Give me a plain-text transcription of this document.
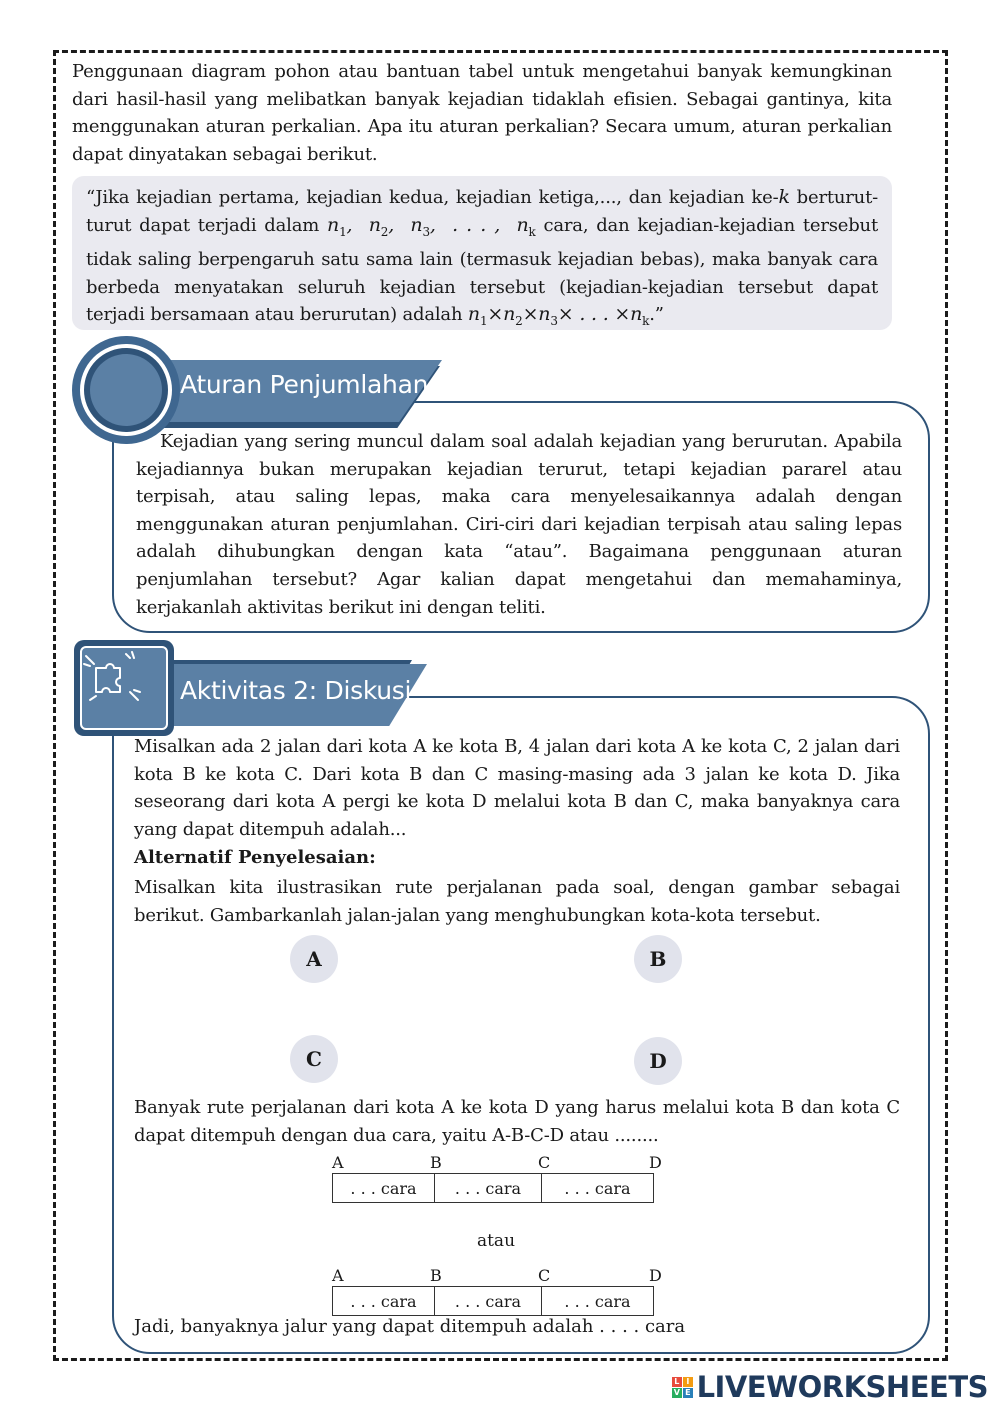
Penggunaan diagram pohon atau bantuan tabel untuk mengetahui banyak kemungkinan dari hasil-hasil yang melibatkan banyak kejadian tidaklah efisien. Sebagai gantinya, kita menggunakan aturan perkalian. Apa itu aturan perkalian? Secara umum, aturan perkalian dapat dinyatakan sebagai berikut.

“Jika kejadian pertama, kejadian kedua, kejadian ketiga,..., dan kejadian ke-k berturut-turut dapat terjadi dalam $n_1$,  $n_2$,  $n_3$,  . . . ,  $n_k$ cara, dan kejadian-kejadian tersebut tidak saling berpengaruh satu sama lain (termasuk kejadian bebas), maka banyak cara berbeda menyatakan seluruh kejadian tersebut (kejadian-kejadian tersebut dapat terjadi bersamaan atau berurutan) adalah $n_1\times n_2\times n_3\times$ . . . $\times n_k$.”

Aturan Penjumlahan

Kejadian yang sering muncul dalam soal adalah kejadian yang berurutan. Apabila kejadiannya bukan merupakan kejadian terurut, tetapi kejadian pararel atau terpisah, atau saling lepas, maka cara menyelesaikannya adalah dengan menggunakan aturan penjumlahan. Ciri-ciri dari kejadian terpisah atau saling lepas adalah dihubungkan dengan kata “atau”. Bagaimana penggunaan aturan penjumlahan tersebut? Agar kalian dapat mengetahui dan memahaminya, kerjakanlah aktivitas berikut ini dengan teliti.

Aktivitas 2: Diskusi

Misalkan ada 2 jalan dari kota A ke kota B, 4 jalan dari kota A ke kota C, 2 jalan dari kota B ke kota C. Dari kota B dan C masing-masing ada 3 jalan ke kota D. Jika seseorang dari kota A pergi ke kota D melalui kota B dan C, maka banyaknya cara yang dapat ditempuh adalah...

Alternatif Penyelesaian:

Misalkan kita ilustrasikan rute perjalanan pada soal, dengan gambar sebagai berikut. Gambarkanlah jalan-jalan yang menghubungkan kota-kota tersebut.

A	B
C	D

Banyak rute perjalanan dari kota A ke kota D yang harus melalui kota B dan kota C dapat ditempuh dengan dua cara, yaitu A-B-C-D atau ........

A	B	C	D
. . . cara	. . . cara	. . . cara
atau
A	B	C	D
. . . cara	. . . cara	. . . cara

Jadi, banyaknya jalur yang dapat ditempuh adalah . . . . cara

L I
V E LIVEWORKSHEETS
